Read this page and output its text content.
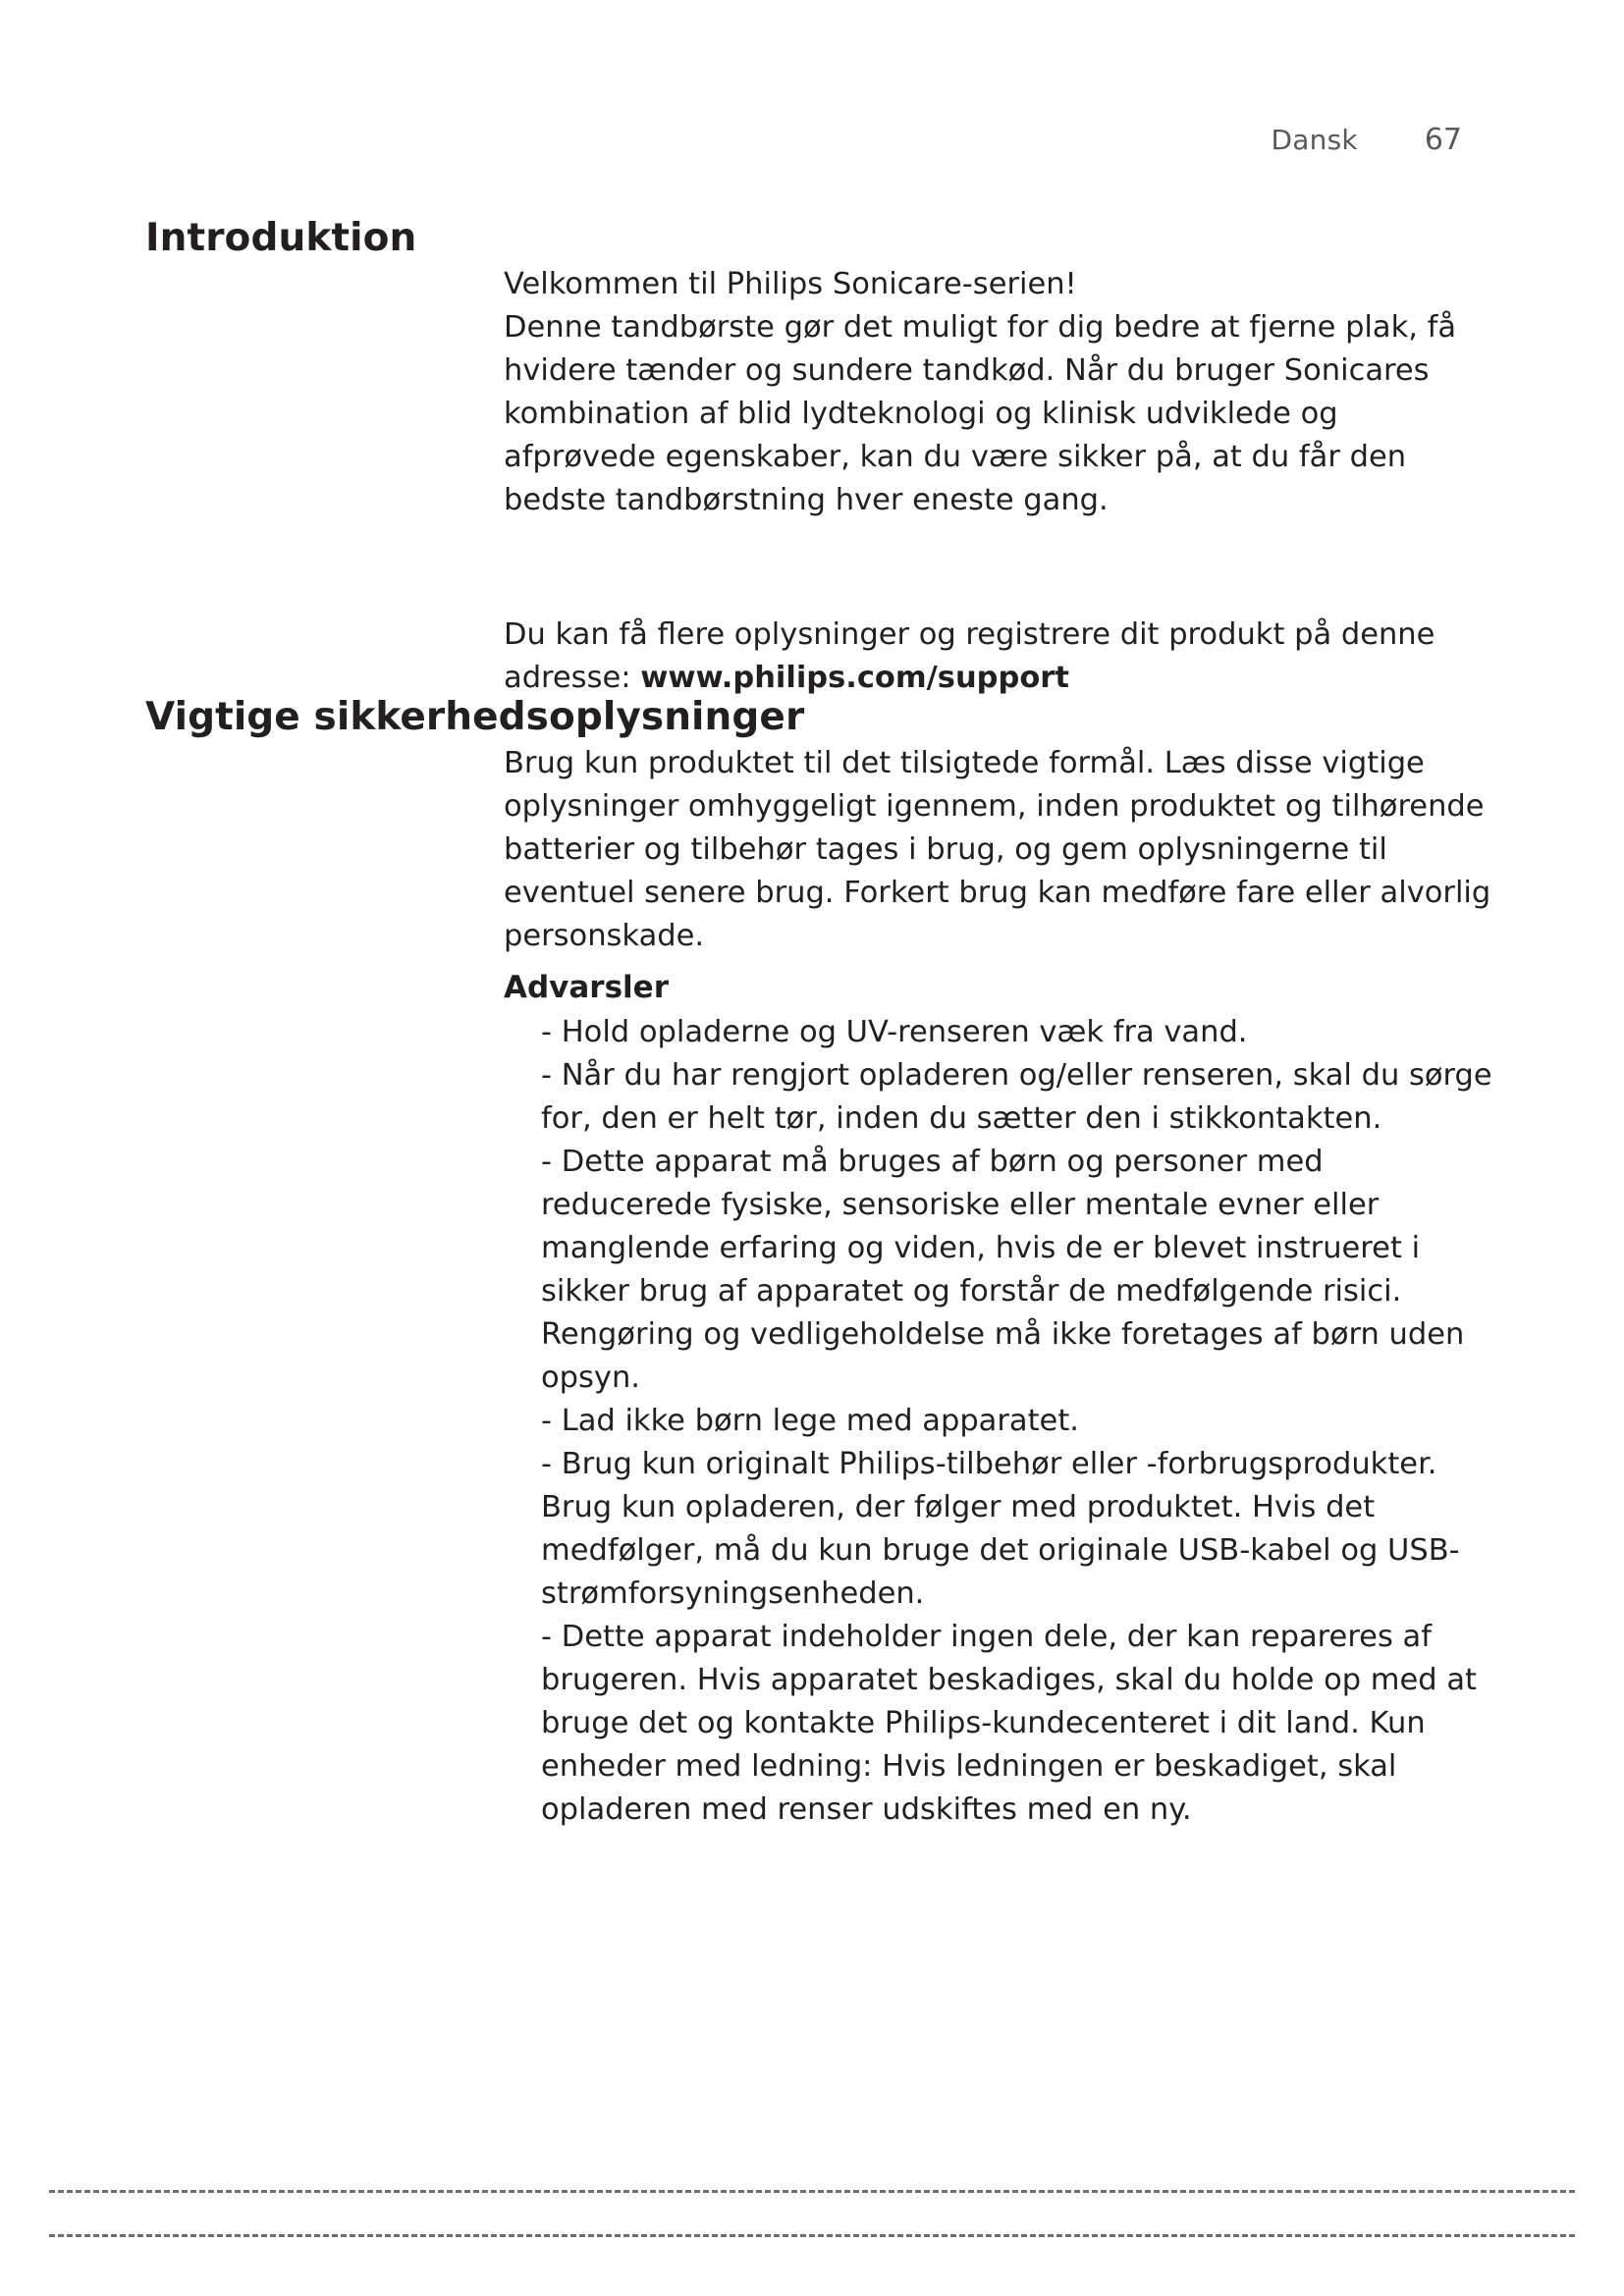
Dansk 67
Introduktion

Velkommen til Philips Sonicare-serien!

Denne tandbørste gør det muligt for dig bedre at fjerne plak, få hvidere tænder og sundere tandkød. Når du bruger Sonicares kombination af blid lydteknologi og klinisk udviklede og afprøvede egenskaber, kan du være sikker på, at du får den bedste tandbørstning hver eneste gang.

Du kan få flere oplysninger og registrere dit produkt på denne adresse: www.philips.com/support

Vigtige sikkerhedsoplysninger

Brug kun produktet til det tilsigtede formål. Læs disse vigtige oplysninger omhyggeligt igennem, inden produktet og tilhørende batterier og tilbehør tages i brug, og gem oplysningerne til eventuel senere brug. Forkert brug kan medføre fare eller alvorlig personskade.

Advarsler
- Hold opladerne og UV-renseren væk fra vand.
- Når du har rengjort opladeren og/eller renseren, skal du sørge for, den er helt tør, inden du sætter den i stikkontakten.
- Dette apparat må bruges af børn og personer med reducerede fysiske, sensoriske eller mentale evner eller manglende erfaring og viden, hvis de er blevet instrueret i sikker brug af apparatet og forstår de medfølgende risici. Rengøring og vedligeholdelse må ikke foretages af børn uden opsyn.
- Lad ikke børn lege med apparatet.
- Brug kun originalt Philips-tilbehør eller -forbrugsprodukter. Brug kun opladeren, der følger med produktet. Hvis det medfølger, må du kun bruge det originale USB-kabel og USB-strømforsyningsenheden.
- Dette apparat indeholder ingen dele, der kan repareres af brugeren. Hvis apparatet beskadiges, skal du holde op med at bruge det og kontakte Philips-kundecenteret i dit land. Kun enheder med ledning: Hvis ledningen er beskadiget, skal opladeren med renser udskiftes med en ny.
